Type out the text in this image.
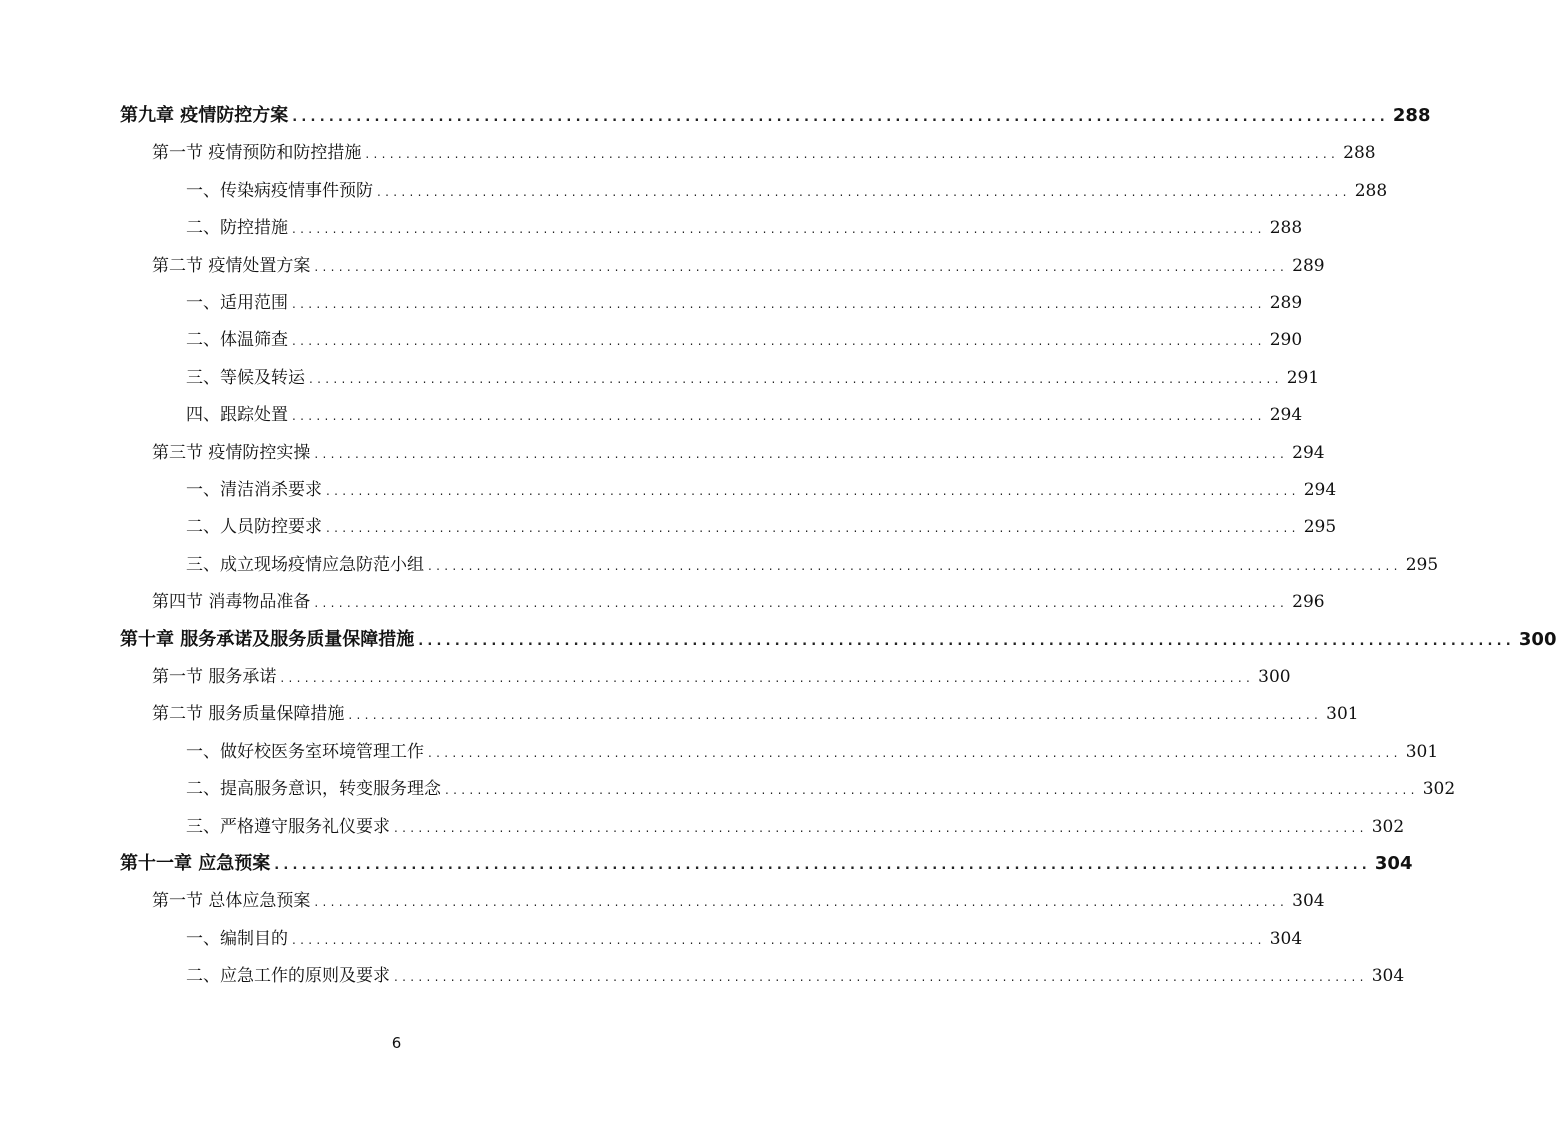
第九章 疫情防控方案 ........................................................................................................................ 288
第一节 疫情预防和防控措施 ........................................................................................................................ 288
一、传染病疫情事件预防 ........................................................................................................................ 288
二、防控措施 ........................................................................................................................ 288
第二节 疫情处置方案 ........................................................................................................................ 289
一、适用范围 ........................................................................................................................ 289
二、体温筛查 ........................................................................................................................ 290
三、等候及转运 ........................................................................................................................ 291
四、跟踪处置 ........................................................................................................................ 294
第三节 疫情防控实操 ........................................................................................................................ 294
一、清洁消杀要求 ........................................................................................................................ 294
二、人员防控要求 ........................................................................................................................ 295
三、成立现场疫情应急防范小组 ........................................................................................................................ 295
第四节 消毒物品准备 ........................................................................................................................ 296
第十章 服务承诺及服务质量保障措施 ........................................................................................................................ 300
第一节 服务承诺 ........................................................................................................................ 300
第二节 服务质量保障措施 ........................................................................................................................ 301
一、做好校医务室环境管理工作 ........................................................................................................................ 301
二、提高服务意识，转变服务理念 ........................................................................................................................ 302
三、严格遵守服务礼仪要求 ........................................................................................................................ 302
第十一章 应急预案 ........................................................................................................................ 304
第一节 总体应急预案 ........................................................................................................................ 304
一、编制目的 ........................................................................................................................ 304
二、应急工作的原则及要求 ........................................................................................................................ 304
6
